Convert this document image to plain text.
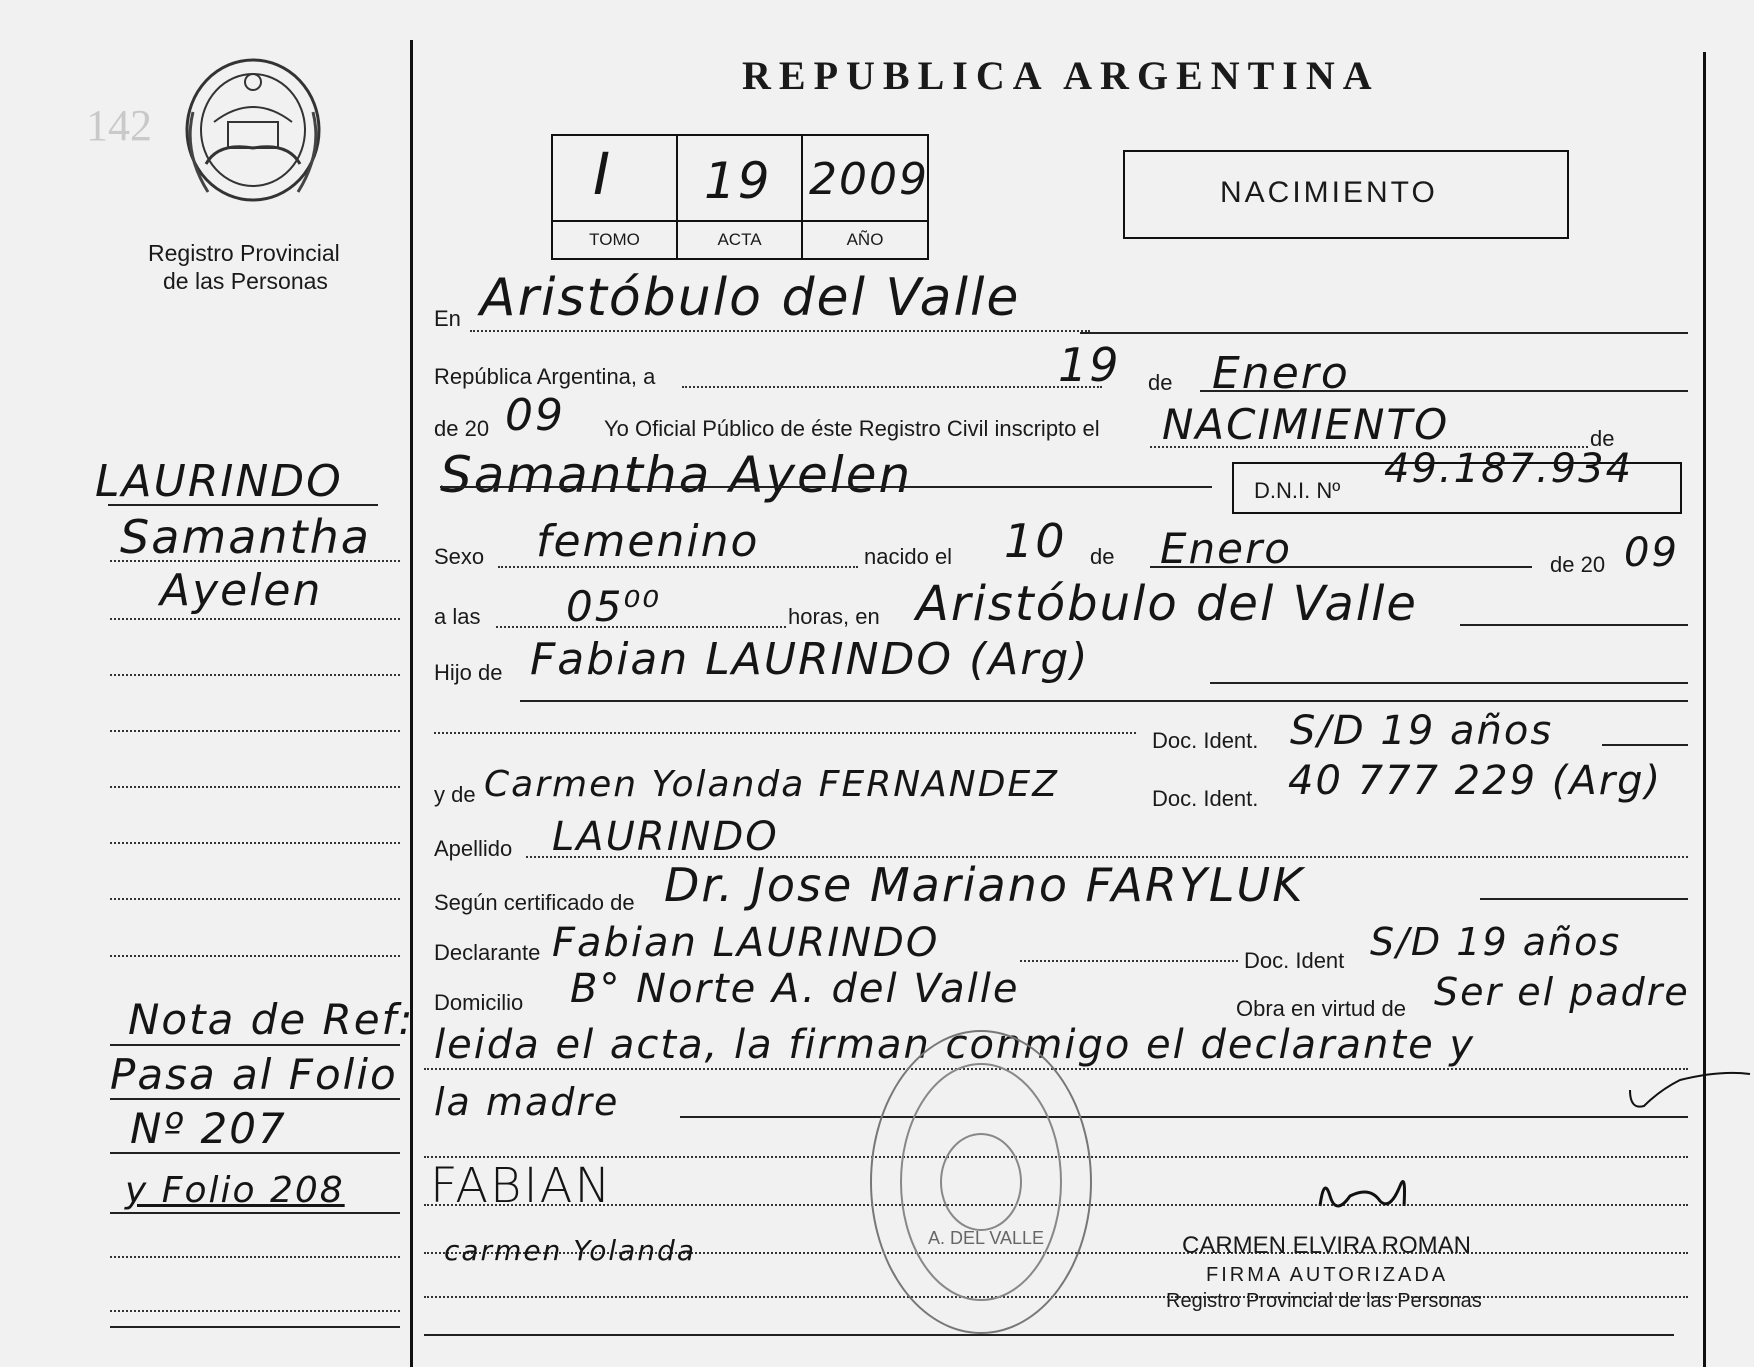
142
Registro Provincial
de las Personas
REPUBLICA ARGENTINA
I
TOMO
19
ACTA
2009
AÑO
NACIMIENTO
LAURINDO
Samantha
Ayelen
Nota de Ref:
Pasa al Folio
Nº 207
y Folio 208
En Aristóbulo del Valle
República Argentina, a	19 de Enero
de 20 09 Yo Oficial Público de éste Registro Civil inscripto el NACIMIENTO	de
Samantha Ayelen	D.N.I. Nº 49.187.934
Sexo femenino	nacido el 10 de Enero	de 20 09
a las 05⁰⁰	horas, en Aristóbulo del Valle
Hijo de Fabian LAURINDO (Arg)
Doc. Ident. S/D 19 años
y de Carmen Yolanda FERNANDEZ	Doc. Ident. 40 777 229 (Arg)
Apellido LAURINDO
Según certificado de Dr. Jose Mariano FARYLUK
Declarante Fabian LAURINDO	Doc. Ident S/D 19 años
Domicilio B° Norte A. del Valle	Obra en virtud de Ser el padre
leida el acta, la firman conmigo el declarante y
la madre
FABIAN
carmen Yolanda	CARMEN ELVIRA ROMAN
FIRMA AUTORIZADA
Registro Provincial de las Personas
A. DEL VALLE
